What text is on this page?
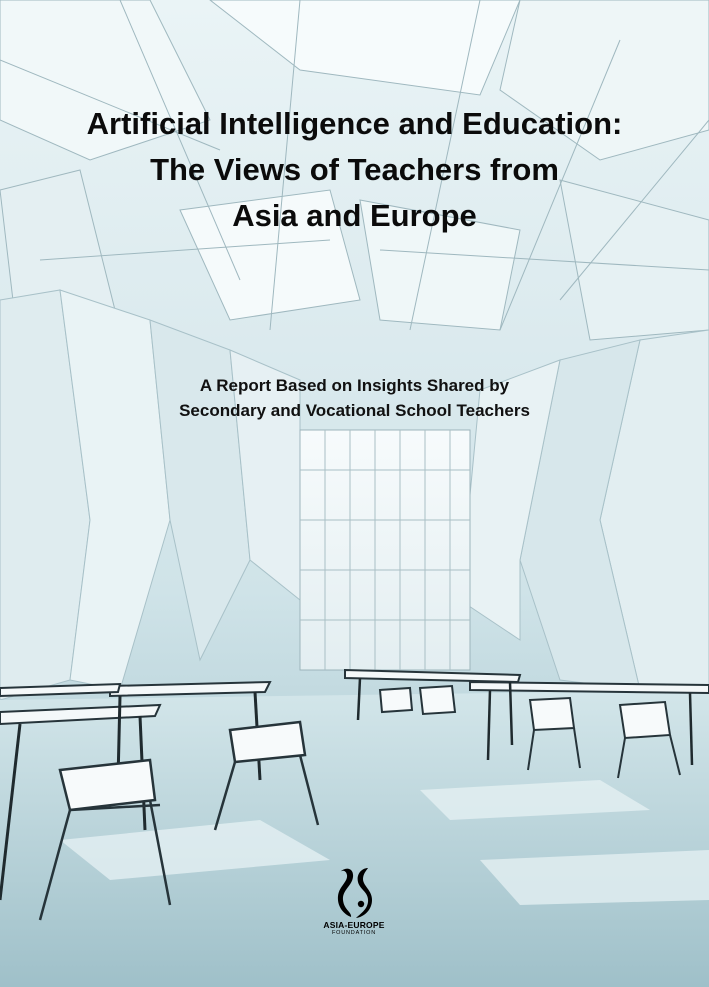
Artificial Intelligence and Education:
The Views of Teachers from
Asia and Europe

A Report Based on Insights Shared by
Secondary and Vocational School Teachers

ASIA-EUROPE
FOUNDATION
